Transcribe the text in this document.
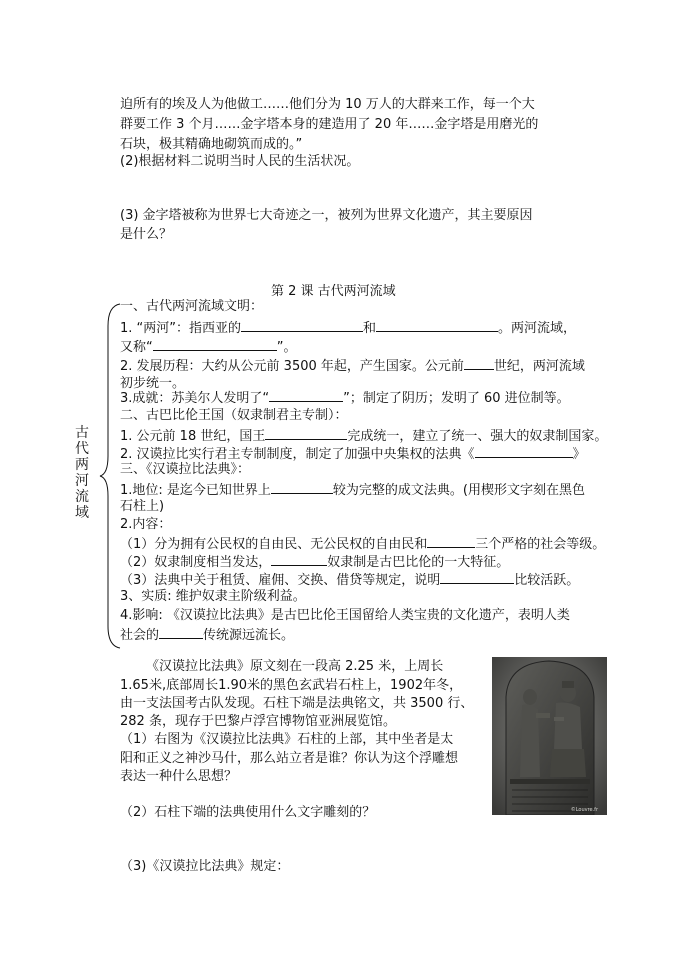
迫所有的埃及人为他做工……他们分为 10 万人的大群来工作，每一个大
群要工作 3 个月……金字塔本身的建造用了 20 年……金字塔是用磨光的
石块，极其精确地砌筑而成的。”
(2)根据材料二说明当时人民的生活状况。
(3) 金字塔被称为世界七大奇迹之一，被列为世界文化遗产，其主要原因
是什么？
第 2 课 古代两河流域
古
代
两
河
流
域
一、古代两河流域文明：
1. “两河”：指西亚的	和	。两河流域，
又称“	”。
2. 发展历程：大约从公元前 3500 年起，产生国家。公元前 世纪，两河流域
初步统一。
3.成就：苏美尔人发明了“	”；制定了阴历；发明了 60 进位制等。
二、古巴比伦王国（奴隶制君主专制）：
1. 公元前 18 世纪，国王	完成统一，建立了统一、强大的奴隶制国家。
2. 汉谟拉比实行君主专制制度，制定了加强中央集权的法典《	》
三、《汉谟拉比法典》：
1.地位: 是迄今已知世界上	较为完整的成文法典。(用楔形文字刻在黑色
石柱上)
2.内容：
（1）分为拥有公民权的自由民、无公民权的自由民和	三个严格的社会等级。
（2）奴隶制度相当发达，	奴隶制是古巴比伦的一大特征。
（3）法典中关于租赁、雇佣、交换、借贷等规定，说明	比较活跃。
3、实质: 维护奴隶主阶级利益。
4.影响: 《汉谟拉比法典》是古巴比伦王国留给人类宝贵的文化遗产，表明人类
社会的	传统源远流长。
《汉谟拉比法典》原文刻在一段高 2.25 米，上周长
1.65米,底部周长1.90米的黑色玄武岩石柱上，1902年冬，
由一支法国考古队发现。石柱下端是法典铭文，共 3500 行、
282 条，现存于巴黎卢浮宫博物馆亚洲展览馆。
（1）右图为《汉谟拉比法典》石柱的上部，其中坐者是太
阳和正义之神沙马什，那么站立者是谁？你认为这个浮雕想
表达一种什么思想？
（2）石柱下端的法典使用什么文字雕刻的？
（3)《汉谟拉比法典》规定：
©Louvre.fr
